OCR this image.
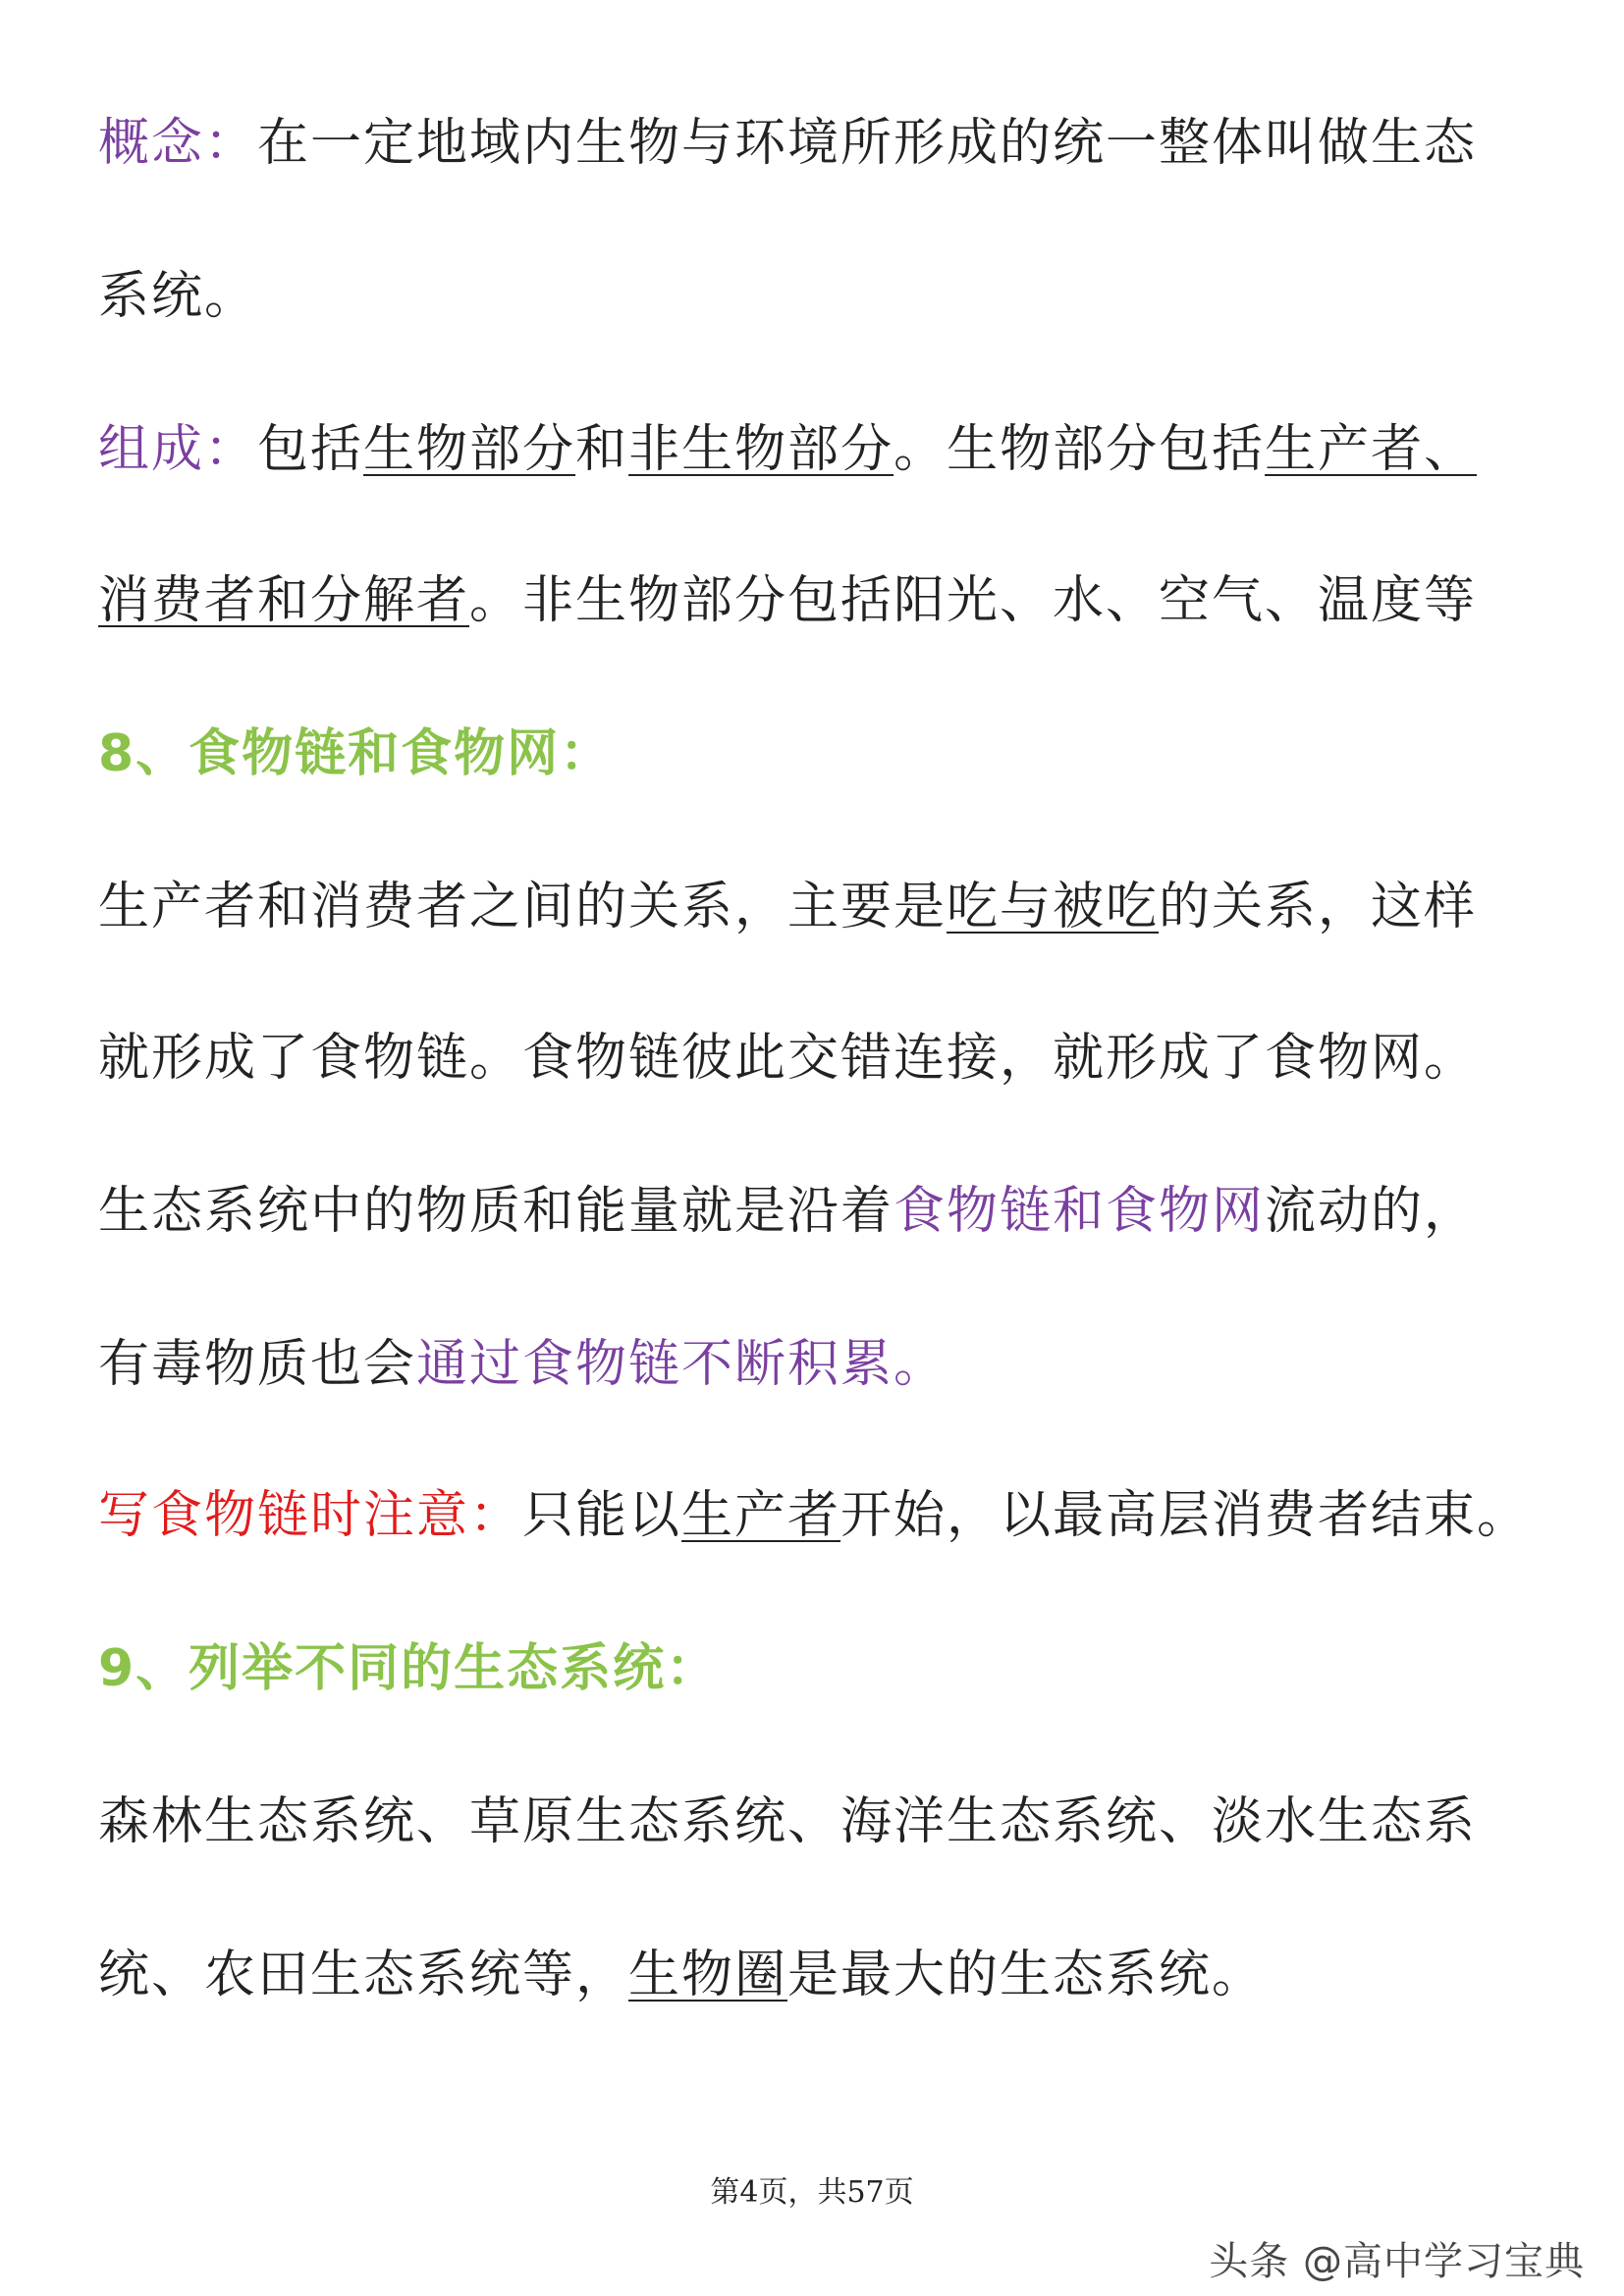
概念：在一定地域内生物与环境所形成的统一整体叫做生态
系统。
组成：包括生物部分和非生物部分。生物部分包括生产者、
消费者和分解者。非生物部分包括阳光、水、空气、温度等
8、食物链和食物网：
生产者和消费者之间的关系，主要是吃与被吃的关系，这样
就形成了食物链。食物链彼此交错连接，就形成了食物网。
生态系统中的物质和能量就是沿着食物链和食物网流动的，
有毒物质也会通过食物链不断积累。
写食物链时注意：只能以生产者开始，以最高层消费者结束。
9、列举不同的生态系统：
森林生态系统、草原生态系统、海洋生态系统、淡水生态系
统、农田生态系统等，生物圈是最大的生态系统。
第4页，共57页
头条 @高中学习宝典
